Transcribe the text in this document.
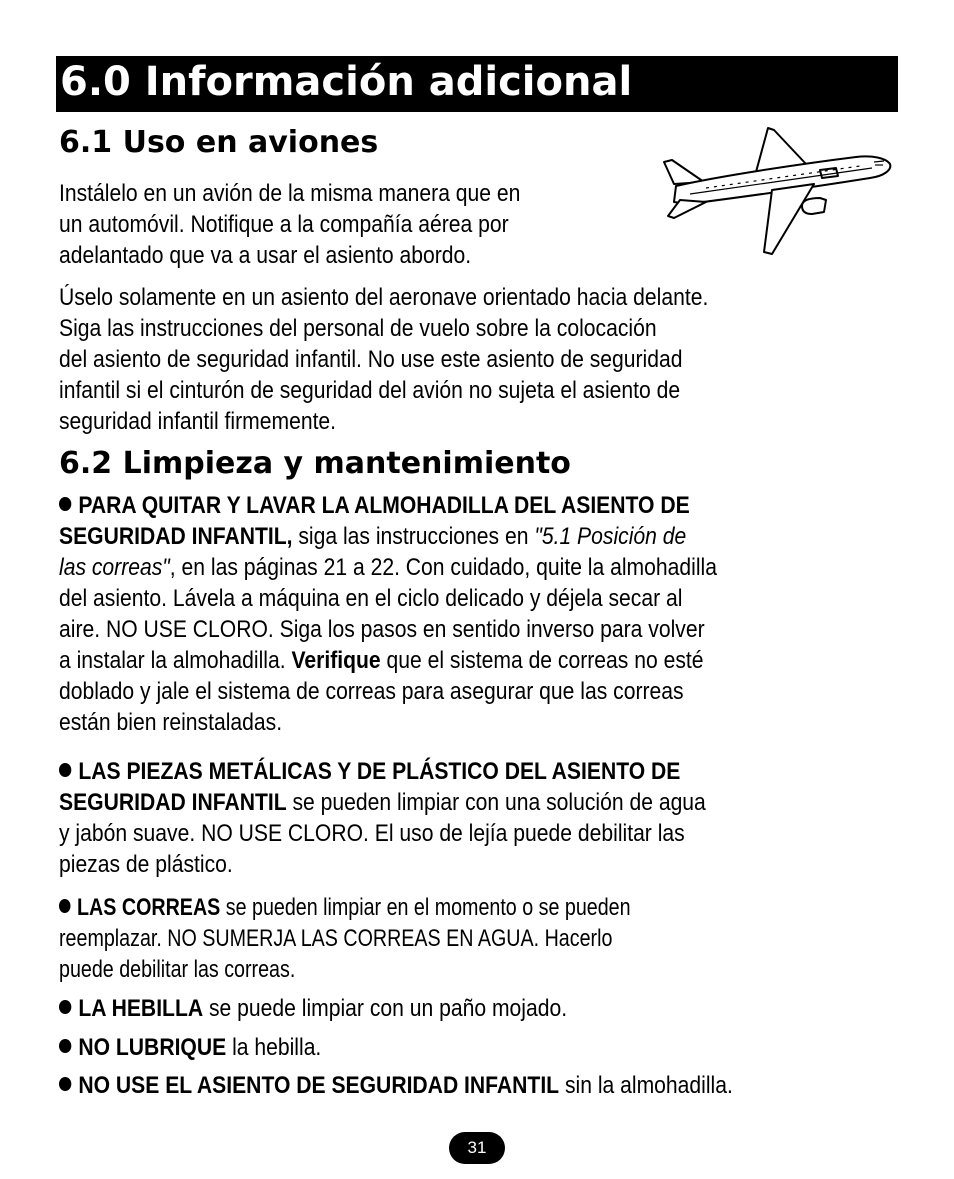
6.0 Información adicional
6.1 Uso en aviones
Instálelo en un avión de la misma manera que en
un automóvil. Notifique a la compañía aérea por
adelantado que va a usar el asiento abordo.
Úselo solamente en un asiento del aeronave orientado hacia delante.
Siga las instrucciones del personal de vuelo sobre la colocación
del asiento de seguridad infantil. No use este asiento de seguridad
infantil si el cinturón de seguridad del avión no sujeta el asiento de
seguridad infantil firmemente.
6.2 Limpieza y mantenimiento
PARA QUITAR Y LAVAR LA ALMOHADILLA DEL ASIENTO DE
SEGURIDAD INFANTIL, siga las instrucciones en "5.1 Posición de
las correas", en las páginas 21 a 22. Con cuidado, quite la almohadilla
del asiento. Lávela a máquina en el ciclo delicado y déjela secar al
aire. NO USE CLORO. Siga los pasos en sentido inverso para volver
a instalar la almohadilla. Verifique que el sistema de correas no esté
doblado y jale el sistema de correas para asegurar que las correas
están bien reinstaladas.
LAS PIEZAS METÁLICAS Y DE PLÁSTICO DEL ASIENTO DE
SEGURIDAD INFANTIL se pueden limpiar con una solución de agua
y jabón suave. NO USE CLORO. El uso de lejía puede debilitar las
piezas de plástico.
LAS CORREAS se pueden limpiar en el momento o se pueden
reemplazar. NO SUMERJA LAS CORREAS EN AGUA. Hacerlo
puede debilitar las correas.
LA HEBILLA se puede limpiar con un paño mojado.
NO LUBRIQUE la hebilla.
NO USE EL ASIENTO DE SEGURIDAD INFANTIL sin la almohadilla.
31
